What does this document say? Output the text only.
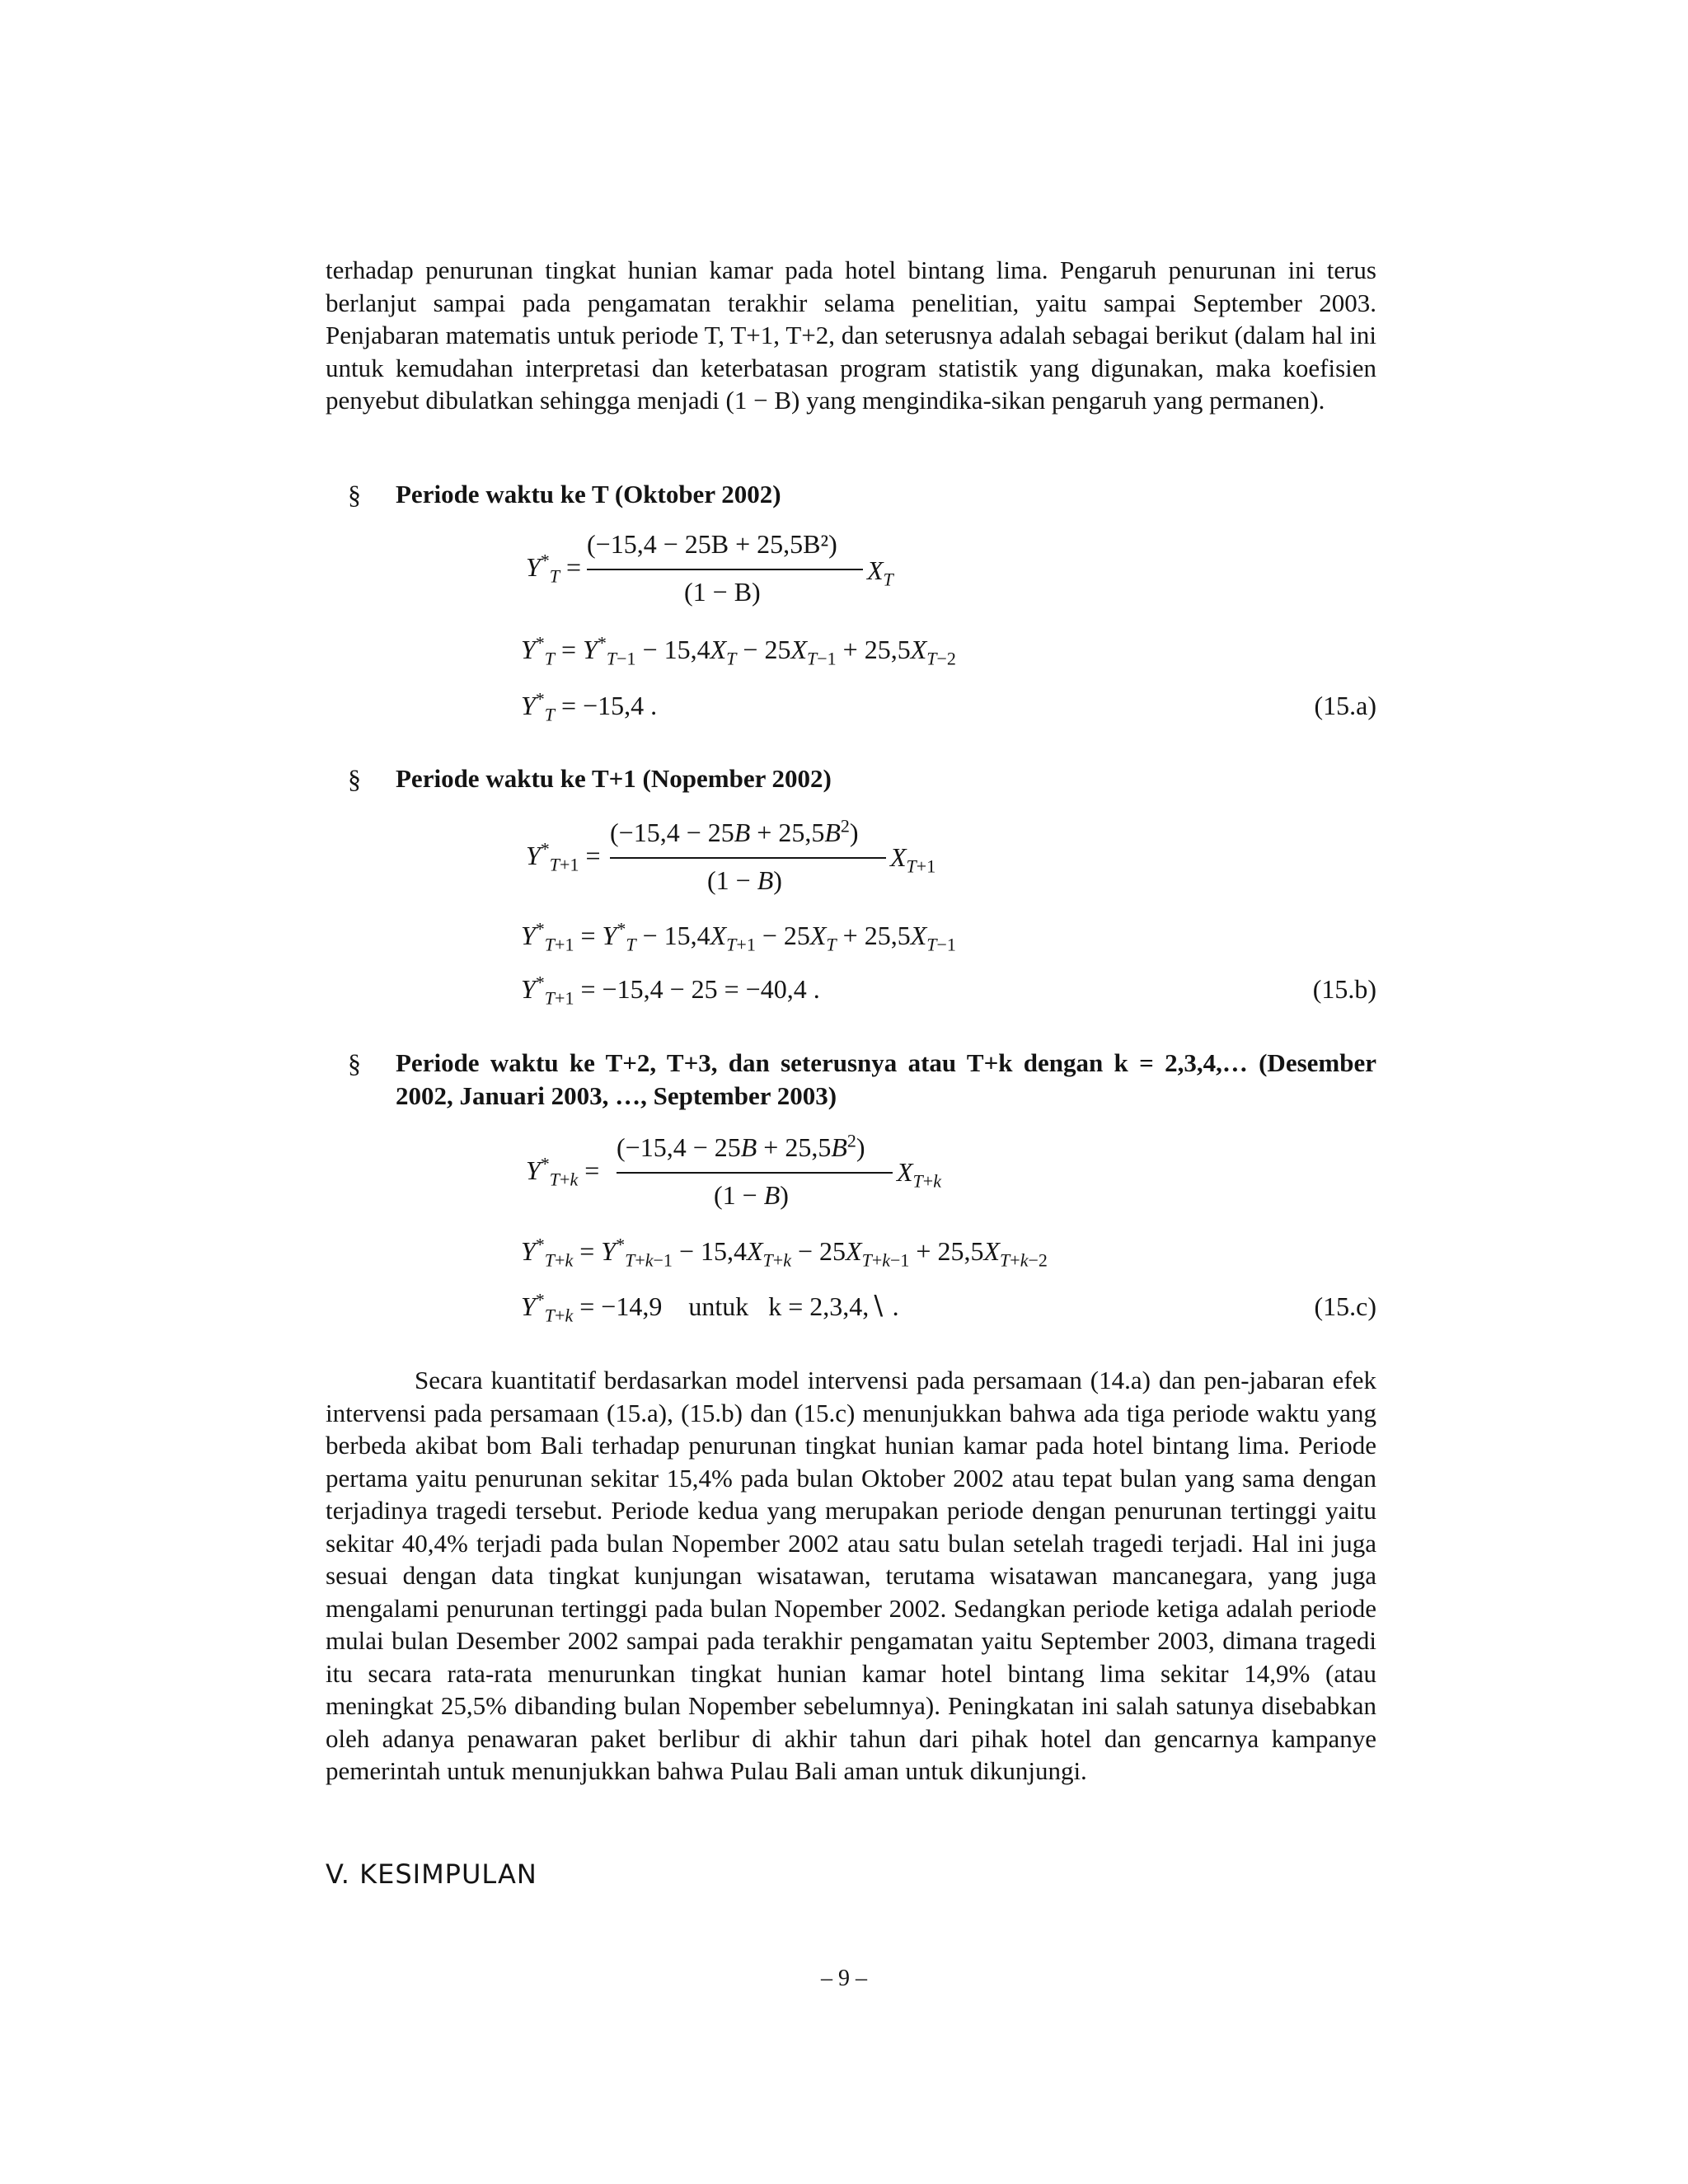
terhadap penurunan tingkat hunian kamar pada hotel bintang lima. Pengaruh penurunan ini terus berlanjut sampai pada pengamatan terakhir selama penelitian, yaitu sampai September 2003. Penjabaran matematis untuk periode T, T+1, T+2, dan seterusnya adalah sebagai berikut (dalam hal ini untuk kemudahan interpretasi dan keterbatasan program statistik yang digunakan, maka koefisien penyebut dibulatkan sehingga menjadi (1 − B) yang mengindika-sikan pengaruh yang permanen).

§ Periode waktu ke T (Oktober 2002)

$Y^*_T$ =
(−15,4 − 25B + 25,5B²)
(1 − B)
$X_T$
$Y^*_T = Y^*_{T-1} - 15,4X_T - 25X_{T-1} + 25,5X_{T-2}$
$Y^*_T = -15,4$ .	(15.a)
§ Periode waktu ke T+1 (Nopember 2002)

$Y^*_{T+1}$ =
$(-15,4 - 25B + 25,5B^2)$
(1 − B)
$X_{T+1}$
$Y^*_{T+1} = Y^*_T - 15,4X_{T+1} - 25X_T + 25,5X_{T-1}$
$Y^*_{T+1} = -15,4 - 25 = -40,4$ .	(15.b)
§ Periode waktu ke T+2, T+3, dan seterusnya atau T+k dengan k = 2,3,4,… (Desember 2002, Januari 2003, …, September 2003)

$Y^*_{T+k}$ =
$(-15,4 - 25B + 25,5B^2)$
(1 − B)
$X_{T+k}$
$Y^*_{T+k} = Y^*_{T+k-1} - 15,4X_{T+k} - 25X_{T+k-1} + 25,5X_{T+k-2}$
$Y^*_{T+k} = -14,9$ untuk k = 2,3,4,∖ .	(15.c)

Secara kuantitatif berdasarkan model intervensi pada persamaan (14.a) dan pen-jabaran efek intervensi pada persamaan (15.a), (15.b) dan (15.c) menunjukkan bahwa ada tiga periode waktu yang berbeda akibat bom Bali terhadap penurunan tingkat hunian kamar pada hotel bintang lima. Periode pertama yaitu penurunan sekitar 15,4% pada bulan Oktober 2002 atau tepat bulan yang sama dengan terjadinya tragedi tersebut. Periode kedua yang merupakan periode dengan penurunan tertinggi yaitu sekitar 40,4% terjadi pada bulan Nopember 2002 atau satu bulan setelah tragedi terjadi. Hal ini juga sesuai dengan data tingkat kunjungan wisatawan, terutama wisatawan mancanegara, yang juga mengalami penurunan tertinggi pada bulan Nopember 2002. Sedangkan periode ketiga adalah periode mulai bulan Desember 2002 sampai pada terakhir pengamatan yaitu September 2003, dimana tragedi itu secara rata-rata menurunkan tingkat hunian kamar hotel bintang lima sekitar 14,9% (atau meningkat 25,5% dibanding bulan Nopember sebelumnya). Peningkatan ini salah satunya disebabkan oleh adanya penawaran paket berlibur di akhir tahun dari pihak hotel dan gencarnya kampanye pemerintah untuk menunjukkan bahwa Pulau Bali aman untuk dikunjungi.

V. KESIMPULAN
– 9 –
